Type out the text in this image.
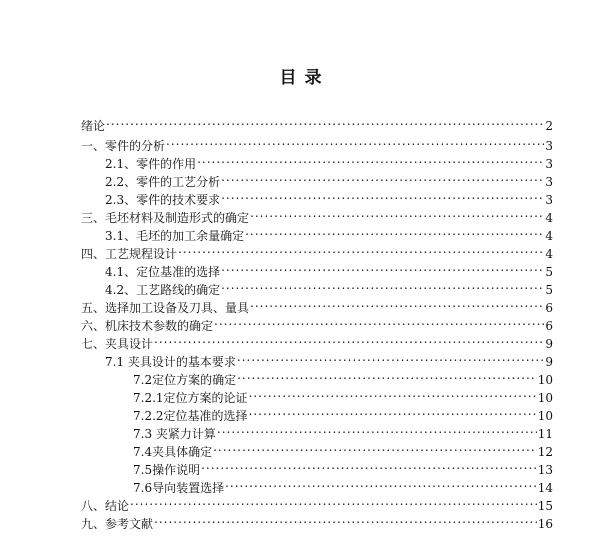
目 录
绪论 .....	2
一、零件的分析 .....	3
2.1、零件的作用 .....	3
2.2、零件的工艺分析 .....	3
2.3、零件的技术要求 .....	3
三、毛坯材料及制造形式的确定 .....	4
3.1、毛坯的加工余量确定 .....	4
四、工艺规程设计 .....	4
4.1、定位基准的选择 .....	5
4.2、工艺路线的确定 .....	5
五、选择加工设备及刀具、量具 .....	6
六、机床技术参数的确定 .....	6
七、夹具设计 .....	9
7.1 夹具设计的基本要求 .....	9
7.2定位方案的确定 .....	10
7.2.1定位方案的论证 .....	10
7.2.2定位基准的选择 .....	10
7.3 夹紧力计算 .....	11
7.4夹具体确定 .....	12
7.5操作说明 .....	13
7.6导向装置选择 .....	14
八、结论 .....	15
九、参考文献 .....	16
